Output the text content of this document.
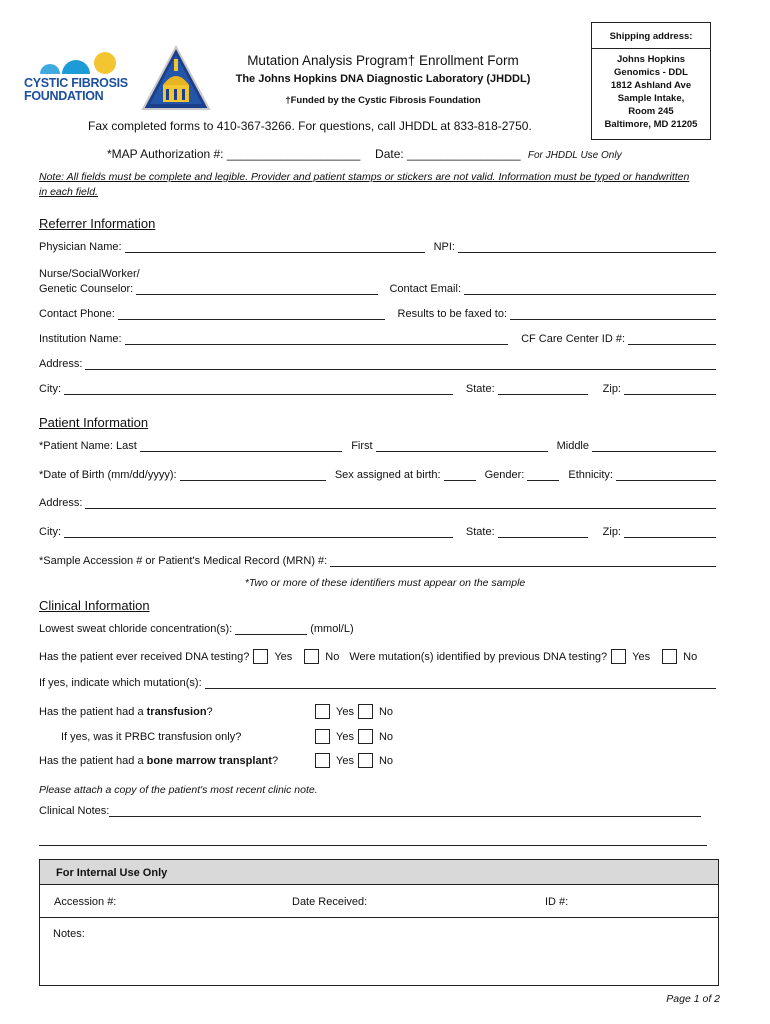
CYSTIC FIBROSIS
FOUNDATION
Mutation Analysis Program† Enrollment Form
The Johns Hopkins DNA Diagnostic Laboratory (JHDDL)
†Funded by the Cystic Fibrosis Foundation
Shipping address:
Johns Hopkins
Genomics - DDL
1812 Ashland Ave
Sample Intake,
Room 245
Baltimore, MD 21205
Fax completed forms to 410-367-3266. For questions, call JHDDL at 833-818-2750.
*MAP Authorization #: ____________________ Date: _________________ For JHDDL Use Only
Note: All fields must be complete and legible. Provider and patient stamps or stickers are not valid. Information must be typed or handwritten in each field.
Referrer Information
Physician Name:	NPI:
Nurse/SocialWorker/
Genetic Counselor:	Contact Email:
Contact Phone:	Results to be faxed to:
Institution Name:	CF Care Center ID #:
Address:
City:	State:	Zip:
Patient Information
*Patient Name: Last	First	Middle
*Date of Birth (mm/dd/yyyy):	Sex assigned at birth:	Gender:	Ethnicity:
Address:
City:	State:	Zip:
*Sample Accession # or Patient's Medical Record (MRN) #:
*Two or more of these identifiers must appear on the sample
Clinical Information
Lowest sweat chloride concentration(s):	(mmol/L)
Has the patient ever received DNA testing? Yes	No Were mutation(s) identified by previous DNA testing? Yes	No
If yes, indicate which mutation(s):
Has the patient had a transfusion?	Yes No
If yes, was it PRBC transfusion only?	Yes No
Has the patient had a bone marrow transplant?	Yes No
Please attach a copy of the patient's most recent clinic note.
Clinical Notes:
For Internal Use Only
Accession #:	Date Received:	ID #:
Notes:
Page 1 of 2
